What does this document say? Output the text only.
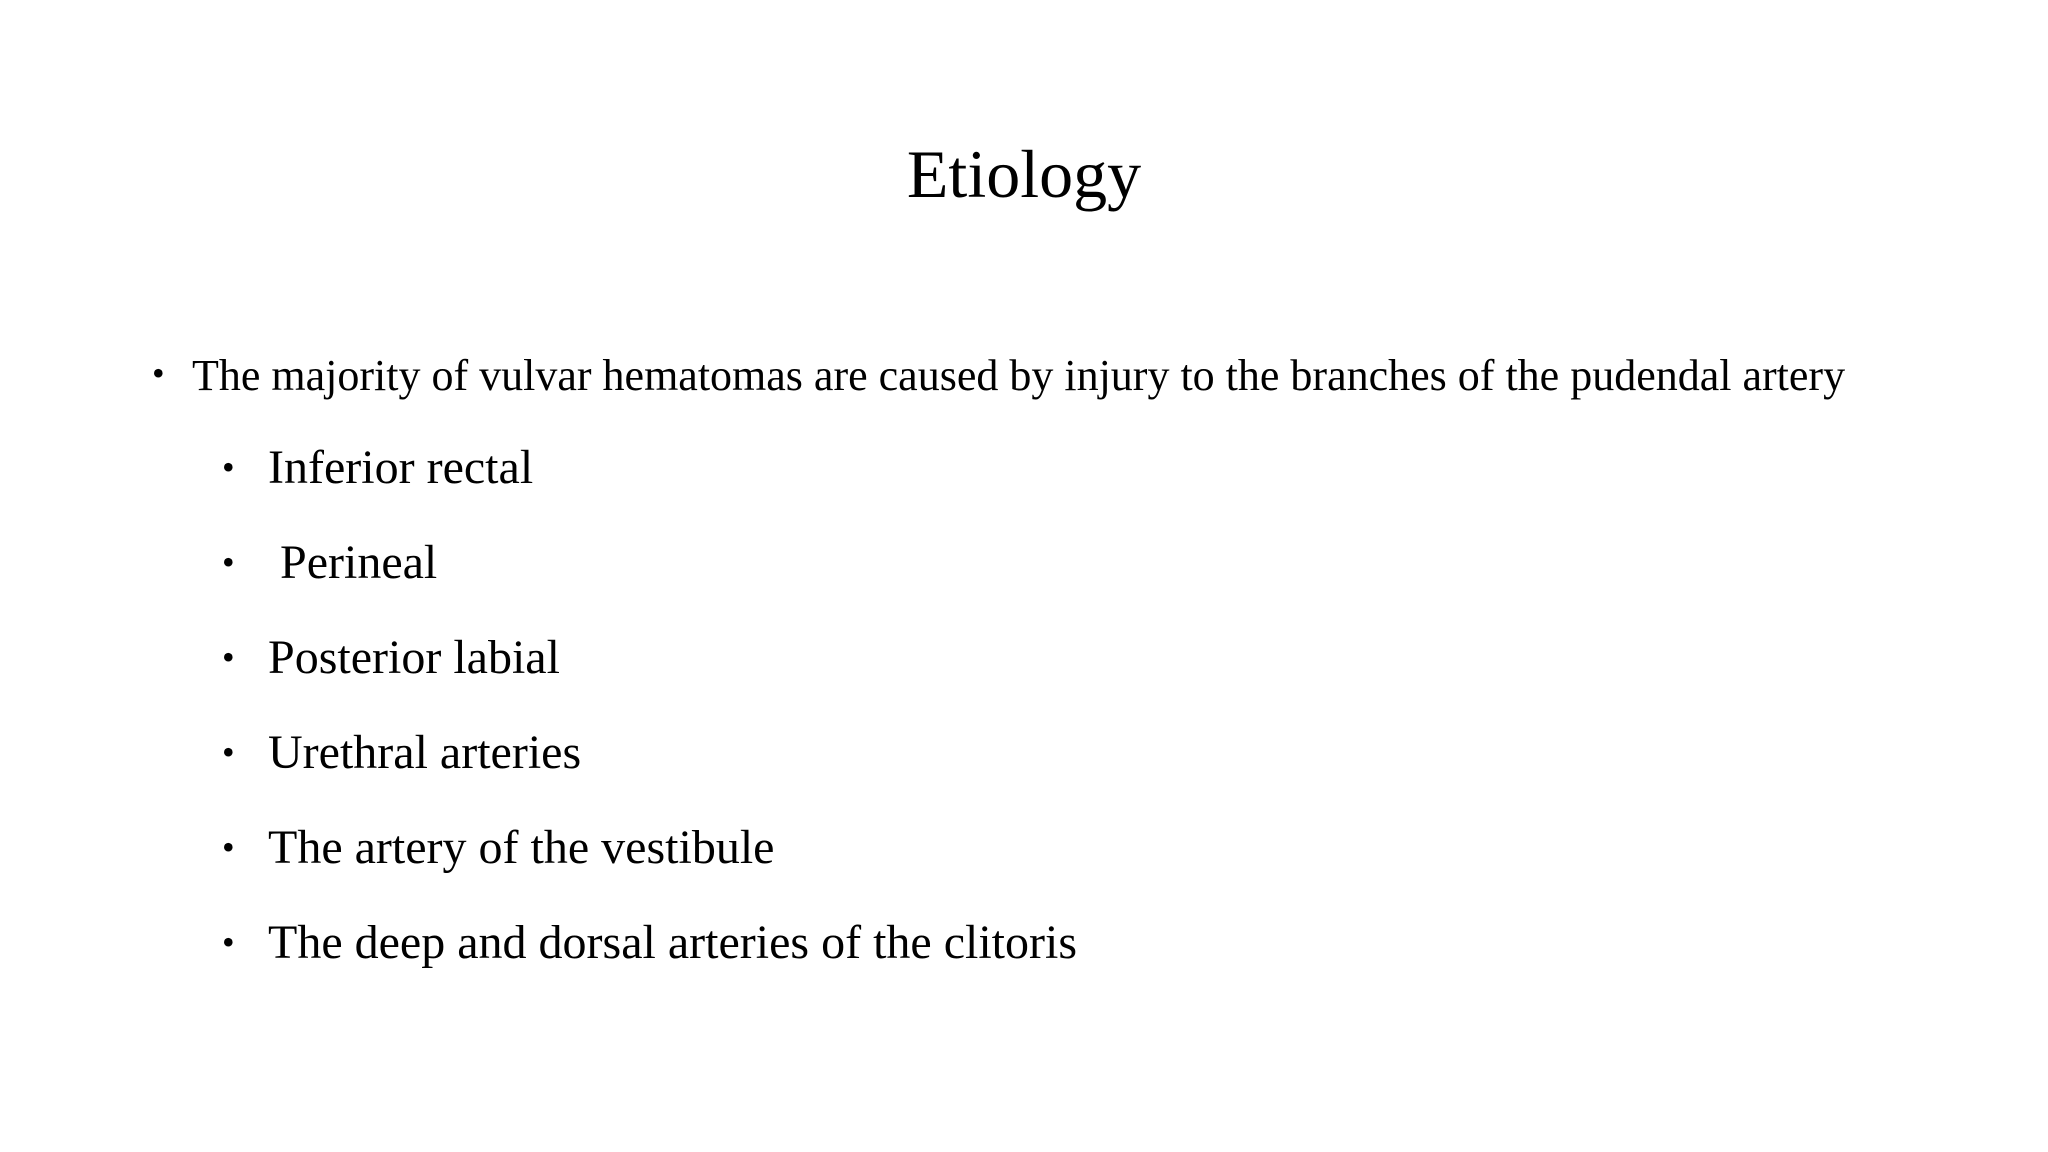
Etiology
• The majority of vulvar hematomas are caused by injury to the branches of the pudendal artery
• Inferior rectal
• Perineal
• Posterior labial
• Urethral arteries
• The artery of the vestibule
• The deep and dorsal arteries of the clitoris
